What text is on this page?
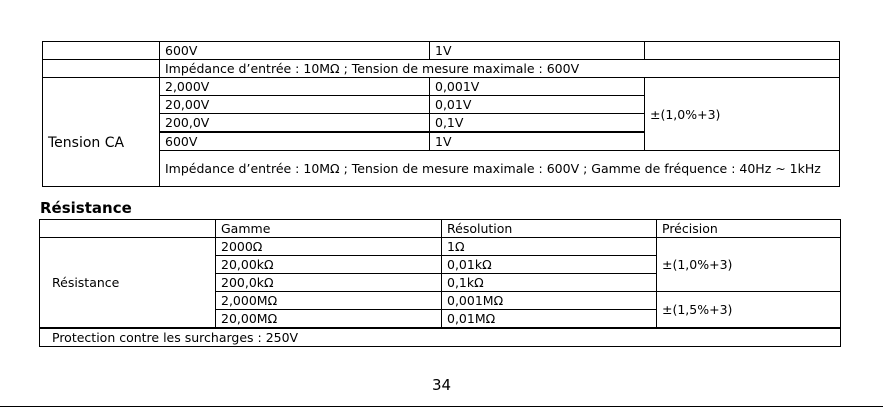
	600V	1V	
	Impédance d’entrée : 10MΩ ; Tension de mesure maximale : 600V		

Tension CA	2,000V	0,001V	±(1,0%+3)
	20,00V	0,01V	
	200,0V	0,1V	
	600V	1V	
	Impédance d’entrée : 10MΩ ; Tension de mesure maximale : 600V ; Gamme de fréquence : 40Hz ~ 1kHz		
Résistance
	Gamme	Résolution	Précision
Résistance	2000Ω	1Ω	±(1,0%+3)
	20,00kΩ	0,01kΩ	
	200,0kΩ	0,1kΩ	
	2,000MΩ	0,001MΩ	±(1,5%+3)
	20,00MΩ	0,01MΩ	
Protection contre les surcharges : 250V			
34
